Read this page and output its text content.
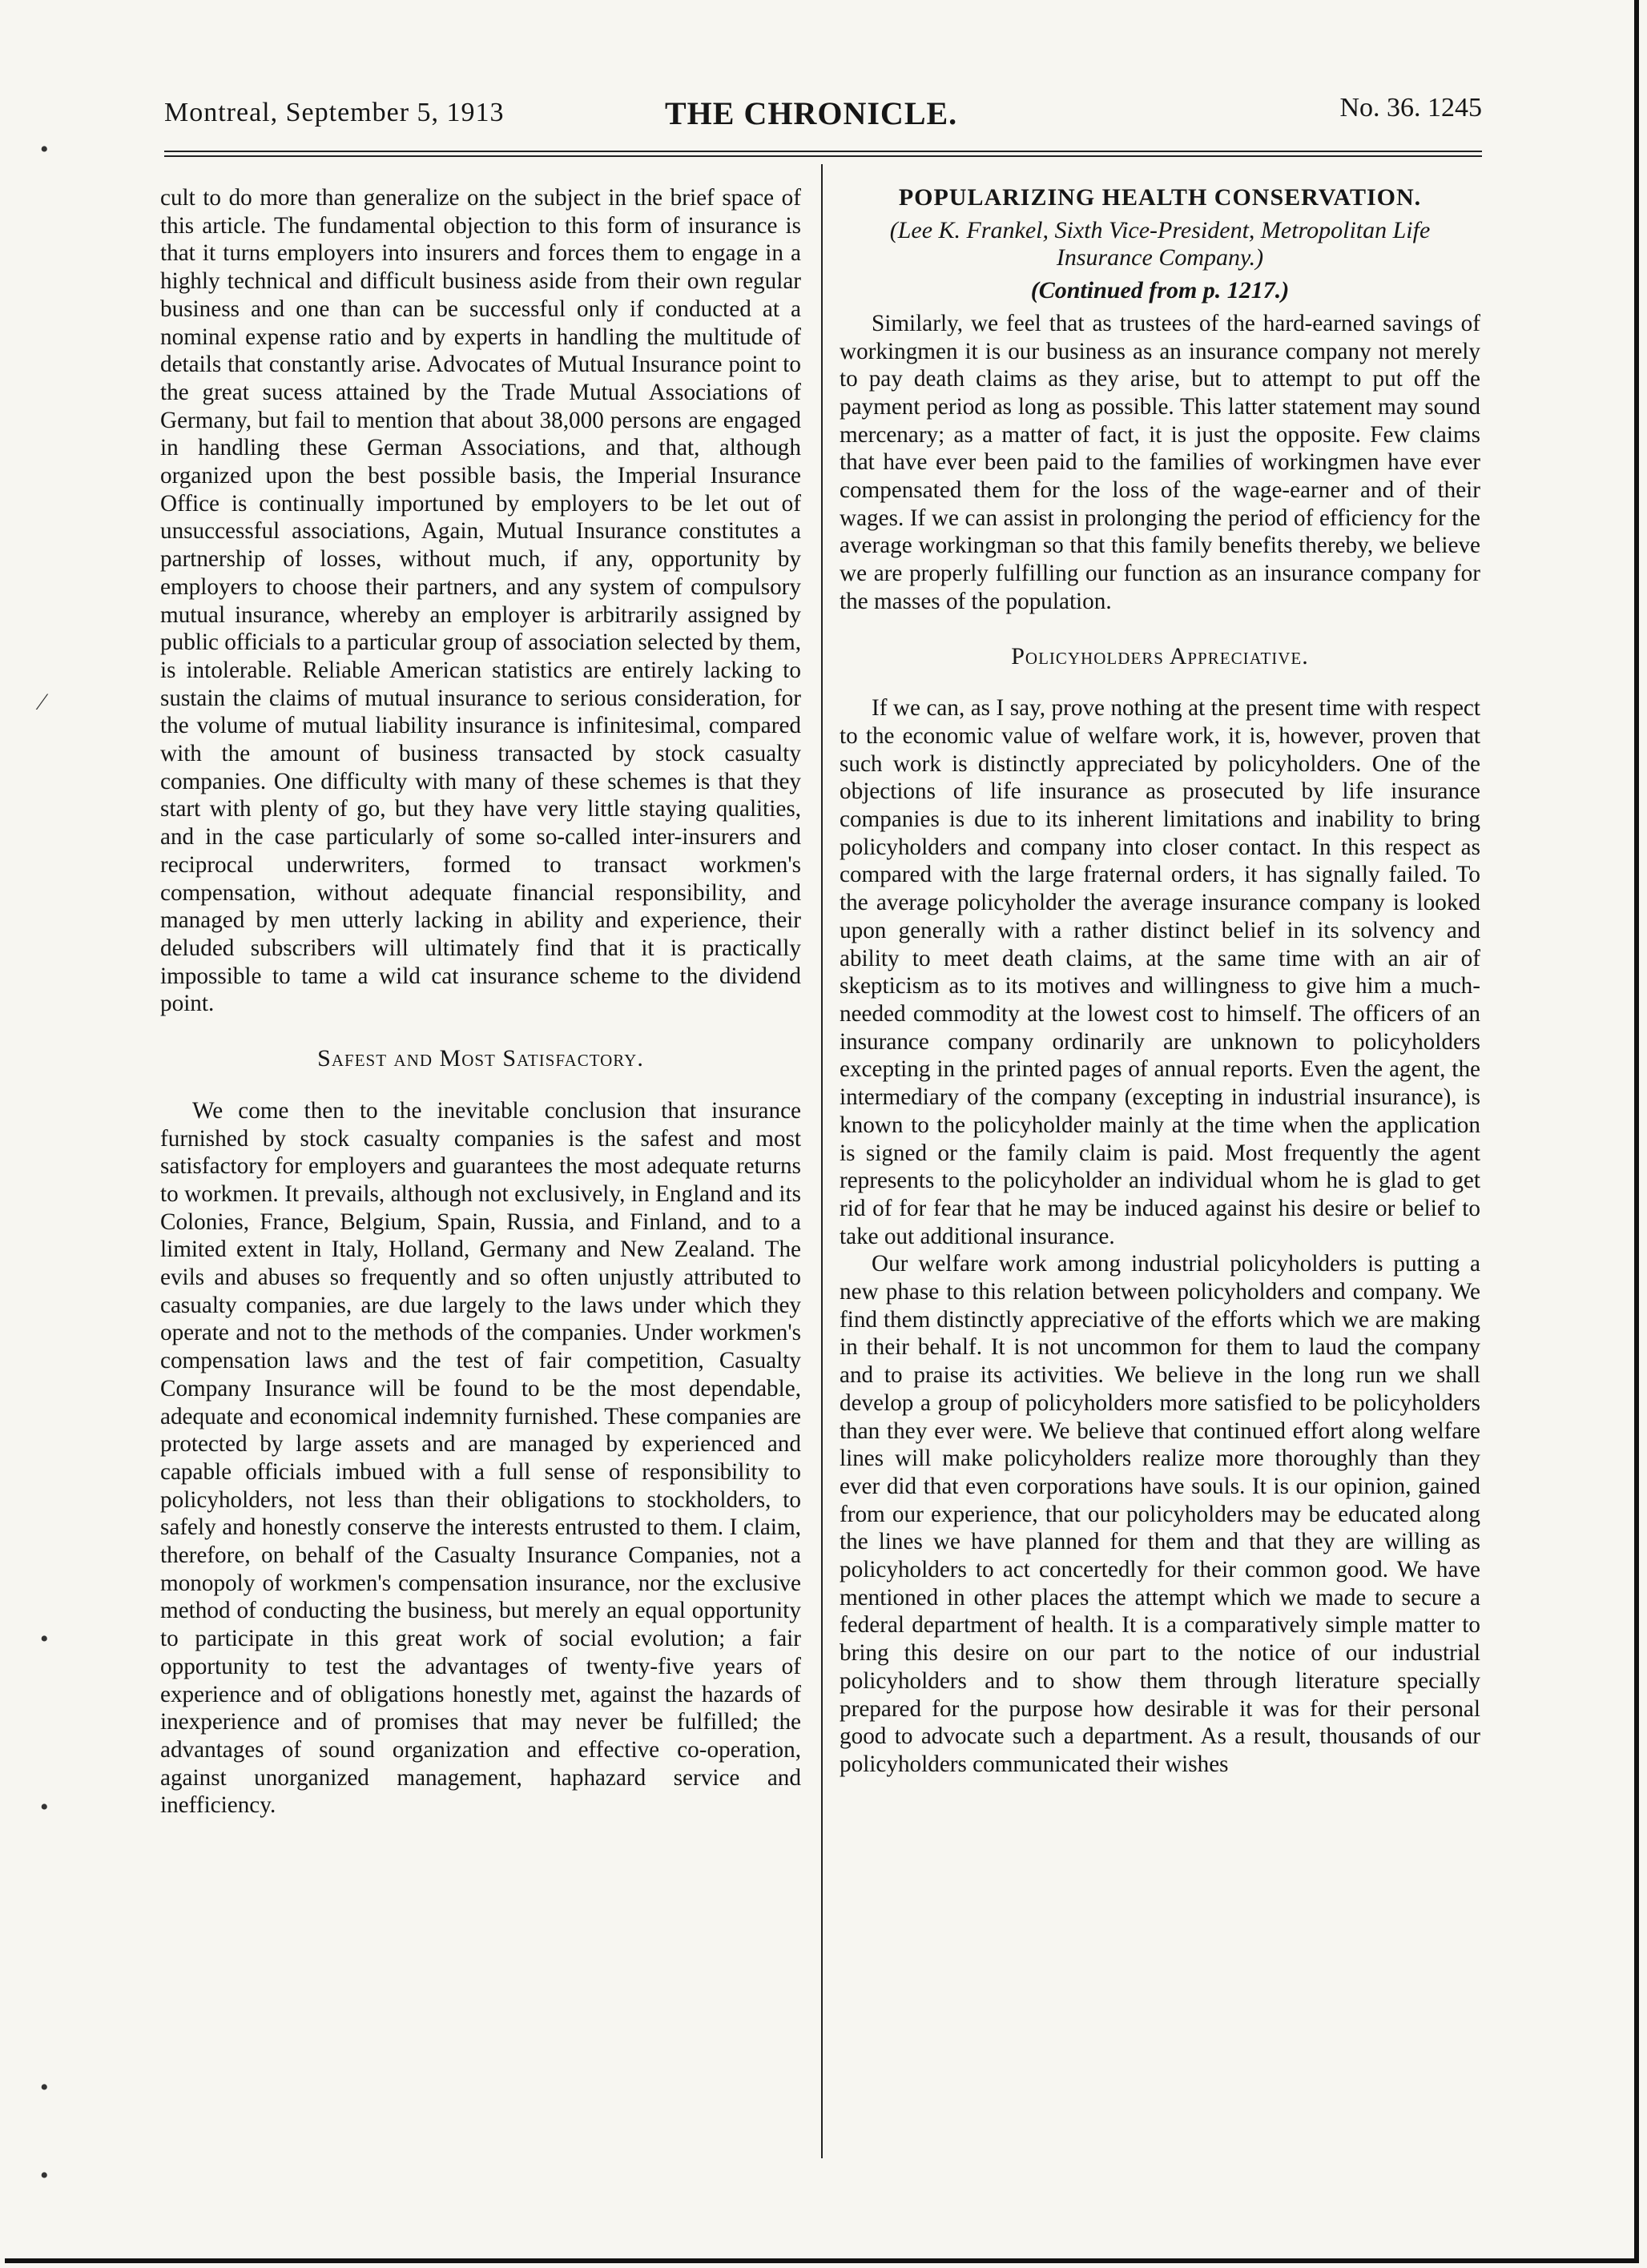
Montreal, September 5, 1913	THE CHRONICLE.	No. 36. 1245
•
⁄
•
•
•
•

cult to do more than generalize on the subject in the brief space of this article. The fundamental objection to this form of insurance is that it turns employers into insurers and forces them to engage in a highly technical and difficult business aside from their own regular business and one than can be successful only if conducted at a nominal expense ratio and by experts in handling the multitude of details that constantly arise. Advocates of Mutual Insurance point to the great sucess attained by the Trade Mutual Associations of Germany, but fail to mention that about 38,000 persons are engaged in handling these German Associations, and that, although organized upon the best possible basis, the Imperial Insurance Office is continually importuned by employers to be let out of unsuccessful associations, Again, Mutual Insurance constitutes a partnership of losses, without much, if any, opportunity by employers to choose their partners, and any system of compulsory mutual insurance, whereby an employer is arbitrarily assigned by public officials to a particular group of association selected by them, is intolerable. Reliable American statistics are entirely lacking to sustain the claims of mutual insurance to serious consideration, for the volume of mutual liability insurance is infinitesimal, compared with the amount of business transacted by stock casualty companies. One difficulty with many of these schemes is that they start with plenty of go, but they have very little staying qualities, and in the case particularly of some so-called inter-insurers and reciprocal underwriters, formed to transact workmen's compensation, without adequate financial responsibility, and managed by men utterly lacking in ability and experience, their deluded subscribers will ultimately find that it is practically impossible to tame a wild cat insurance scheme to the dividend point.

Safest and Most Satisfactory.

We come then to the inevitable conclusion that insurance furnished by stock casualty companies is the safest and most satisfactory for employers and guarantees the most adequate returns to workmen. It prevails, although not exclusively, in England and its Colonies, France, Belgium, Spain, Russia, and Finland, and to a limited extent in Italy, Holland, Germany and New Zealand. The evils and abuses so frequently and so often unjustly attributed to casualty companies, are due largely to the laws under which they operate and not to the methods of the companies. Under workmen's compensation laws and the test of fair competition, Casualty Company Insurance will be found to be the most dependable, adequate and economical indemnity furnished. These companies are protected by large assets and are managed by experienced and capable officials imbued with a full sense of responsibility to policyholders, not less than their obligations to stockholders, to safely and honestly conserve the interests entrusted to them. I claim, therefore, on behalf of the Casualty Insurance Companies, not a monopoly of workmen's compensation insurance, nor the exclusive method of conducting the business, but merely an equal opportunity to participate in this great work of social evolution; a fair opportunity to test the advantages of twenty-five years of experience and of obligations honestly met, against the hazards of inexperience and of promises that may never be fulfilled; the advantages of sound organization and effective co-operation, against unorganized management, haphazard service and inefficiency.

POPULARIZING HEALTH CONSERVATION.
(Lee K. Frankel, Sixth Vice-President, Metropolitan Life Insurance Company.)
(Continued from p. 1217.)

Similarly, we feel that as trustees of the hard-earned savings of workingmen it is our business as an insurance company not merely to pay death claims as they arise, but to attempt to put off the payment period as long as possible. This latter statement may sound mercenary; as a matter of fact, it is just the opposite. Few claims that have ever been paid to the families of workingmen have ever compensated them for the loss of the wage-earner and of their wages. If we can assist in prolonging the period of efficiency for the average workingman so that this family benefits thereby, we believe we are properly fulfilling our function as an insurance company for the masses of the population.

Policyholders Appreciative.

If we can, as I say, prove nothing at the present time with respect to the economic value of welfare work, it is, however, proven that such work is distinctly appreciated by policyholders. One of the objections of life insurance as prosecuted by life insurance companies is due to its inherent limitations and inability to bring policyholders and company into closer contact. In this respect as compared with the large fraternal orders, it has signally failed. To the average policyholder the average insurance company is looked upon generally with a rather distinct belief in its solvency and ability to meet death claims, at the same time with an air of skepticism as to its motives and willingness to give him a much-needed commodity at the lowest cost to himself. The officers of an insurance company ordinarily are unknown to policyholders excepting in the printed pages of annual reports. Even the agent, the intermediary of the company (excepting in industrial insurance), is known to the policyholder mainly at the time when the application is signed or the family claim is paid. Most frequently the agent represents to the policyholder an individual whom he is glad to get rid of for fear that he may be induced against his desire or belief to take out additional insurance.

Our welfare work among industrial policyholders is putting a new phase to this relation between policyholders and company. We find them distinctly appreciative of the efforts which we are making in their behalf. It is not uncommon for them to laud the company and to praise its activities. We believe in the long run we shall develop a group of policyholders more satisfied to be policyholders than they ever were. We believe that continued effort along welfare lines will make policyholders realize more thoroughly than they ever did that even corporations have souls. It is our opinion, gained from our experience, that our policyholders may be educated along the lines we have planned for them and that they are willing as policyholders to act concertedly for their common good. We have mentioned in other places the attempt which we made to secure a federal department of health. It is a comparatively simple matter to bring this desire on our part to the notice of our industrial policyholders and to show them through literature specially prepared for the purpose how desirable it was for their personal good to advocate such a department. As a result, thousands of our policyholders communicated their wishes
